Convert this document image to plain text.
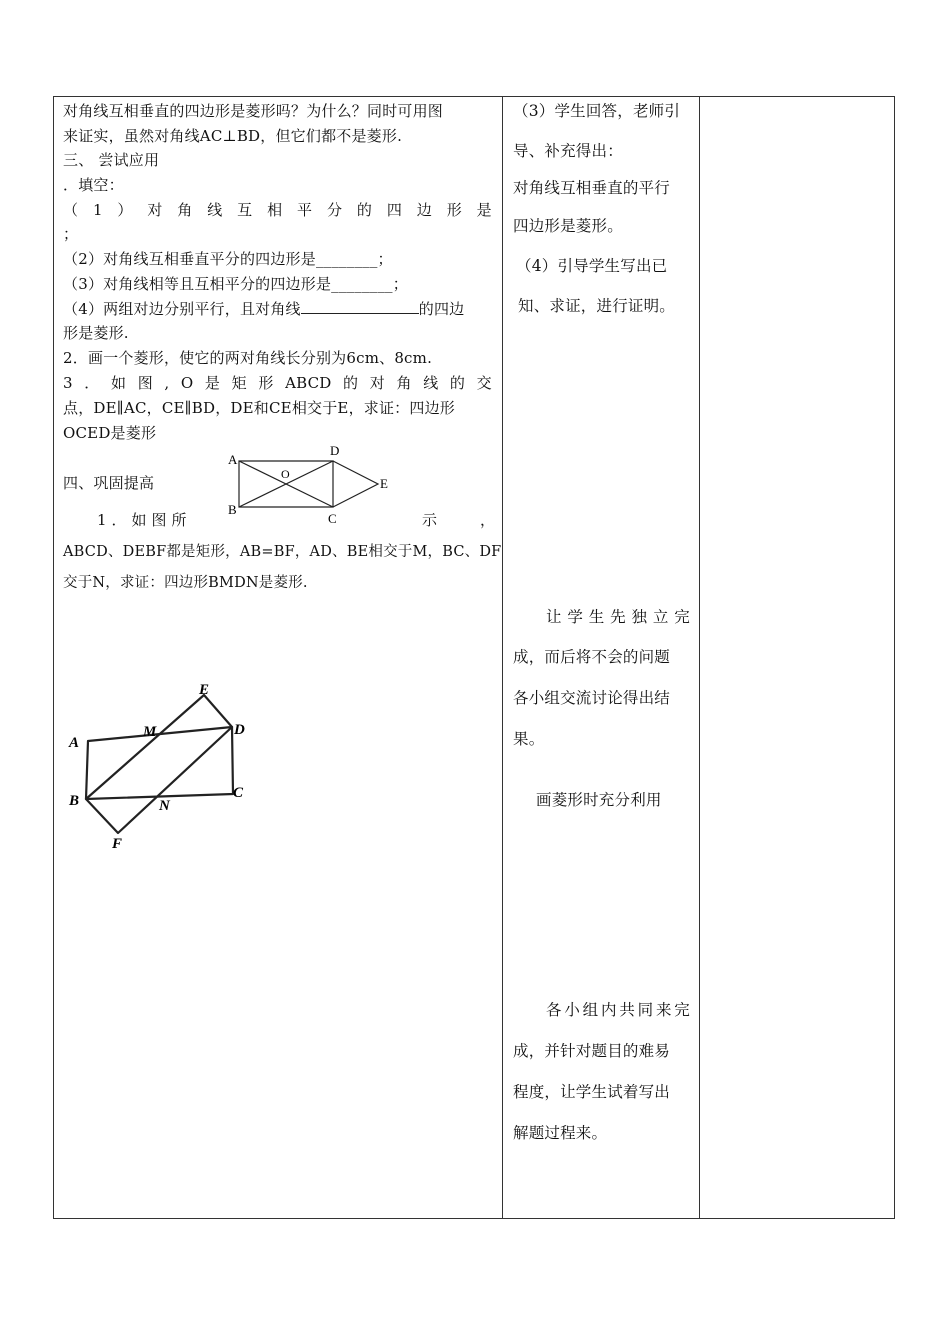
对角线互相垂直的四边形是菱形吗？为什么？同时可用图
来证实，虽然对角线AC⊥BD，但它们都不是菱形.
三、 尝试应用
．填空：
（ 1 ） 对 角 线 互 相 平 分 的 四 边 形 是
；
（2）对角线互相垂直平分的四边形是________；
（3）对角线相等且互相平分的四边形是________；
（4）两组对边分别平行，且对角线	的四边
形是菱形.
2．画一个菱形，使它的两对角线长分别为6cm、8cm.
3 ． 如 图 , O 是 矩 形 ABCD 的 对 角 线 的 交
点，DE∥AC，CE∥BD，DE和CE相交于E，求证：四边形
OCED是菱形
四、巩固提高
1．如图所	示	，
ABCD、DEBF都是矩形，AB=BF，AD、BE相交于M，BC、DF
交于N，求证：四边形BMDN是菱形.
A
D
E
C
B
O
E
D
M
A
B	C
N
F
（3）学生回答，老师引
导、补充得出：
对角线互相垂直的平行
四边形是菱形。
（4）引导学生写出已
知、求证，进行证明。
让 学 生 先 独 立 完
成，而后将不会的问题
各小组交流讨论得出结
果。
画菱形时充分利用
各 小 组 内 共 同 来 完
成，并针对题目的难易
程度，让学生试着写出
解题过程来。
